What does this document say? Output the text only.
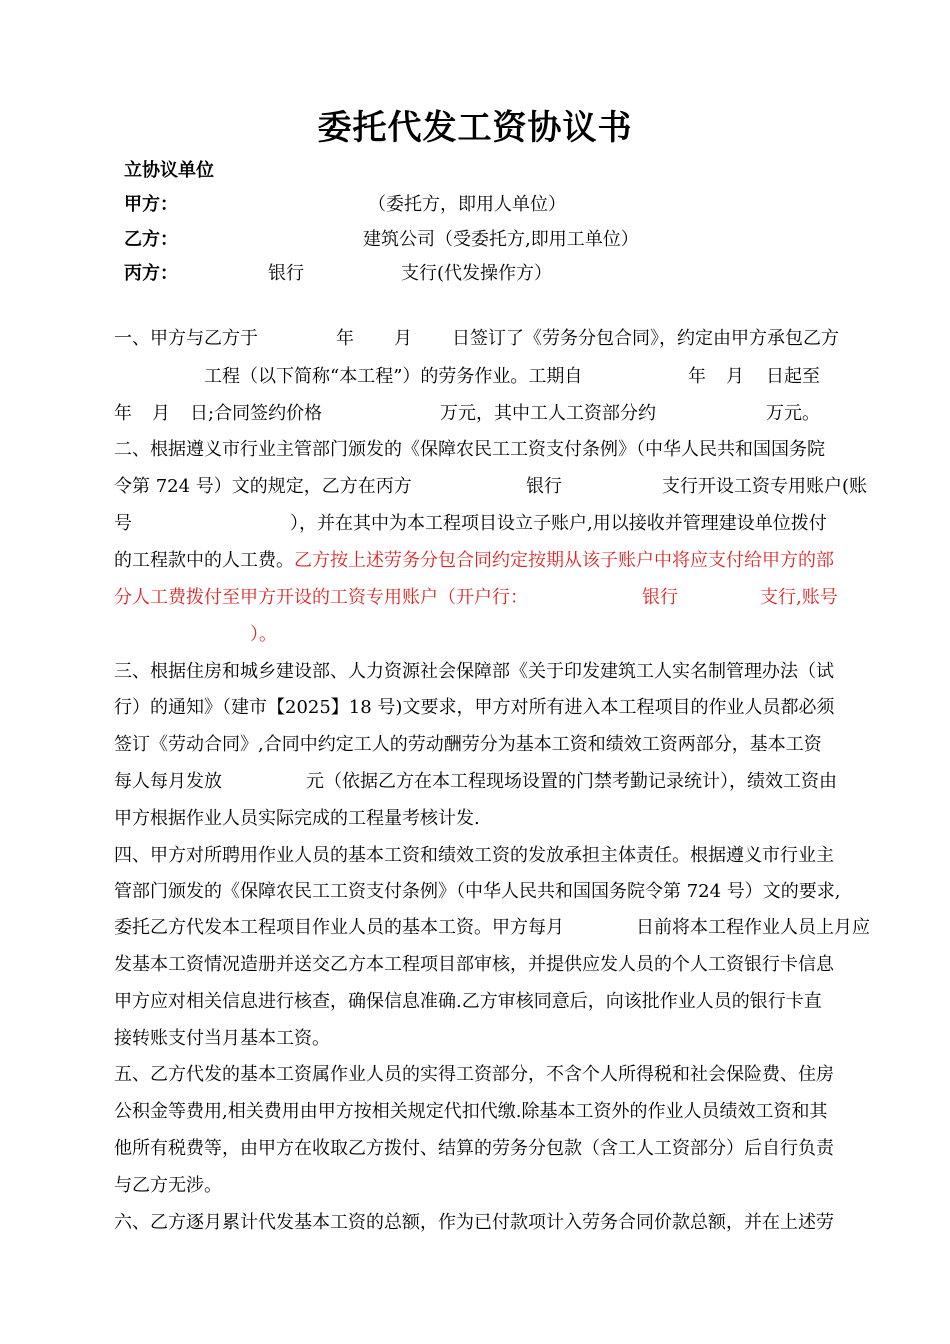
委托代发工资协议书
立协议单位
甲方：	（委托方，即用人单位）
乙方：	建筑公司（受委托方,即用工单位）
丙方：	银行	支行(代发操作方）
一、甲方与乙方于	年 月 日签订了《劳务分包合同》，约定由甲方承包乙方
工程（以下简称“本工程”）的劳务作业。工期自	年 月 日起至
年 月 日;合同签约价格	万元，其中工人工资部分约	万元。
二、根据遵义市行业主管部门颁发的《保障农民工工资支付条例》（中华人民共和国国务院
令第 724 号）文的规定，乙方在丙方	银行	支行开设工资专用账户(账
号	），并在其中为本工程项目设立子账户,用以接收并管理建设单位拨付
的工程款中的人工费。乙方按上述劳务分包合同约定按期从该子账户中将应支付给甲方的部
分人工费拨付至甲方开设的工资专用账户（开户行：	银行	支行,账号
）。
三、根据住房和城乡建设部、人力资源社会保障部《关于印发建筑工人实名制管理办法（试
行）的通知》（建市【2025】18 号)文要求，甲方对所有进入本工程项目的作业人员都必须
签订《劳动合同》,合同中约定工人的劳动酬劳分为基本工资和绩效工资两部分，基本工资
每人每月发放	元（依据乙方在本工程现场设置的门禁考勤记录统计），绩效工资由
甲方根据作业人员实际完成的工程量考核计发.
四、甲方对所聘用作业人员的基本工资和绩效工资的发放承担主体责任。根据遵义市行业主
管部门颁发的《保障农民工工资支付条例》（中华人民共和国国务院令第 724 号）文的要求,
委托乙方代发本工程项目作业人员的基本工资。甲方每月	日前将本工程作业人员上月应
发基本工资情况造册并送交乙方本工程项目部审核，并提供应发人员的个人工资银行卡信息
甲方应对相关信息进行核查，确保信息准确.乙方审核同意后，向该批作业人员的银行卡直
接转账支付当月基本工资。
五、乙方代发的基本工资属作业人员的实得工资部分，不含个人所得税和社会保险费、住房
公积金等费用,相关费用由甲方按相关规定代扣代缴.除基本工资外的作业人员绩效工资和其
他所有税费等，由甲方在收取乙方拨付、结算的劳务分包款（含工人工资部分）后自行负责
与乙方无涉。
六、乙方逐月累计代发基本工资的总额，作为已付款项计入劳务合同价款总额，并在上述劳
